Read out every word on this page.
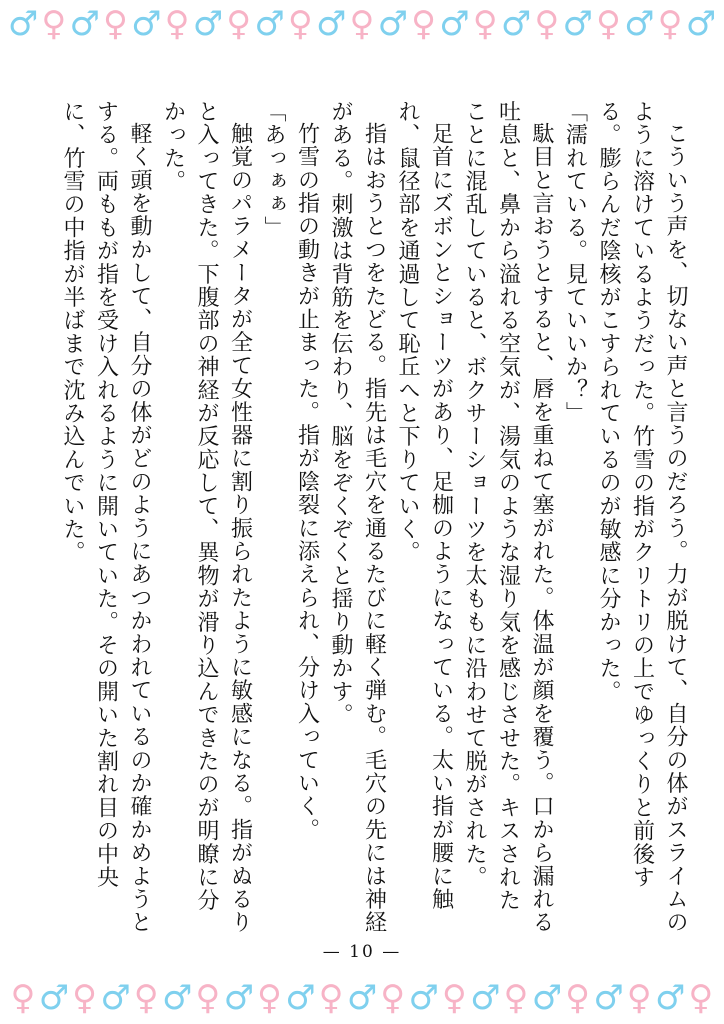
♂ ♀ ♂ ♀ ♂ ♀ ♂ ♀ ♂ ♀ ♂ ♀ ♂ ♀ ♂ ♀ ♂ ♀ ♂ ♀ ♂ ♀ ♂

こういう声を、切ない声と言うのだろう。力が脱けて、自分の体がスライムのように溶けているようだった。竹雪の指がクリトリの上でゆっくりと前後する。膨らんだ陰核がこすられているのが敏感に分かった。

「濡れている。見ていいか？」

駄目と言おうとすると、唇を重ねて塞がれた。体温が顔を覆う。口から漏れる吐息と、鼻から溢れる空気が、湯気のような湿り気を感じさせた。キスされたことに混乱していると、ボクサーショーツを太ももに沿わせて脱がされた。

足首にズボンとショーツがあり、足枷のようになっている。太い指が腰に触れ、鼠径部を通過して恥丘へと下りていく。

指はおうとつをたどる。指先は毛穴を通るたびに軽く弾む。毛穴の先には神経がある。刺激は背筋を伝わり、脳をぞくぞくと揺り動かす。

竹雪の指の動きが止まった。指が陰裂に添えられ、分け入っていく。

「あっぁぁ」

触覚のパラメータが全て女性器に割り振られたように敏感になる。指がぬるりと入ってきた。下腹部の神経が反応して、異物が滑り込んできたのが明瞭に分かった。

軽く頭を動かして、自分の体がどのようにあつかわれているのか確かめようとする。両ももが指を受け入れるように開いていた。その開いた割れ目の中央に、竹雪の中指が半ばまで沈み込んでいた。

— 10 —
♀ ♂ ♀ ♂ ♀ ♂ ♀ ♂ ♀ ♂ ♀ ♂ ♀ ♂ ♀ ♂ ♀ ♂ ♀ ♂ ♀ ♂ ♀
